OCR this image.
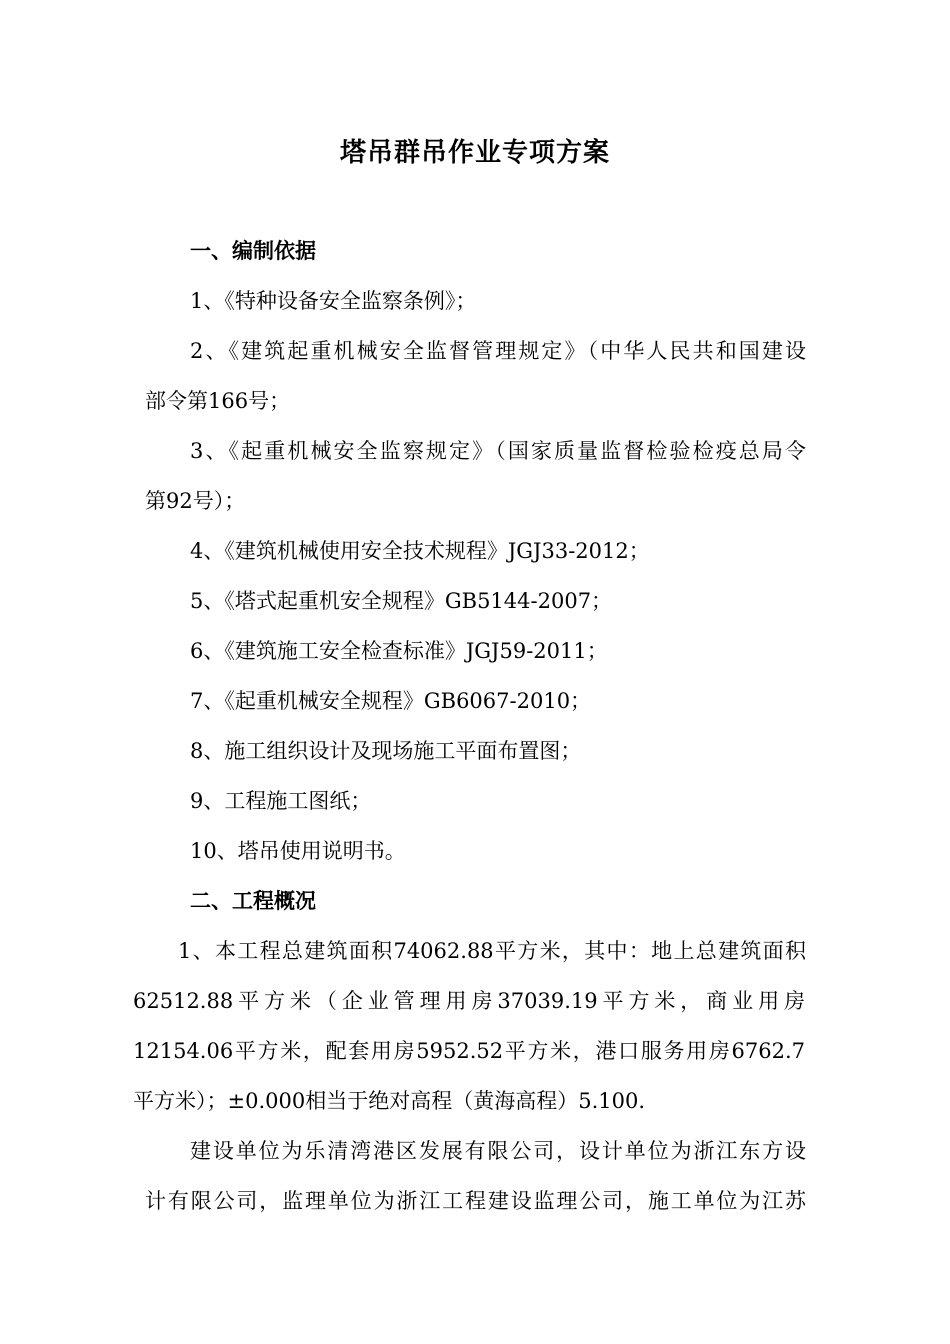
塔吊群吊作业专项方案
一、编制依据
1、《特种设备安全监察条例》；
2、《建筑起重机械安全监督管理规定》（中华人民共和国建设
部令第166号；
3、《起重机械安全监察规定》（国家质量监督检验检疫总局令
第92号）；
4、《建筑机械使用安全技术规程》JGJ33-2012；
5、《塔式起重机安全规程》GB5144-2007；
6、《建筑施工安全检查标准》JGJ59-2011；
7、《起重机械安全规程》GB6067-2010；
8、施工组织设计及现场施工平面布置图；
9、工程施工图纸；
10、塔吊使用说明书。
二、工程概况
1、本工程总建筑面积74062.88平方米，其中：地上总建筑面积
62512.88平方米（企业管理用房37039.19平方米，商业用房
12154.06平方米，配套用房5952.52平方米，港口服务用房6762.7
平方米）；±0.000相当于绝对高程（黄海高程）5.100.
建设单位为乐清湾港区发展有限公司，设计单位为浙江东方设
计有限公司，监理单位为浙江工程建设监理公司，施工单位为江苏
